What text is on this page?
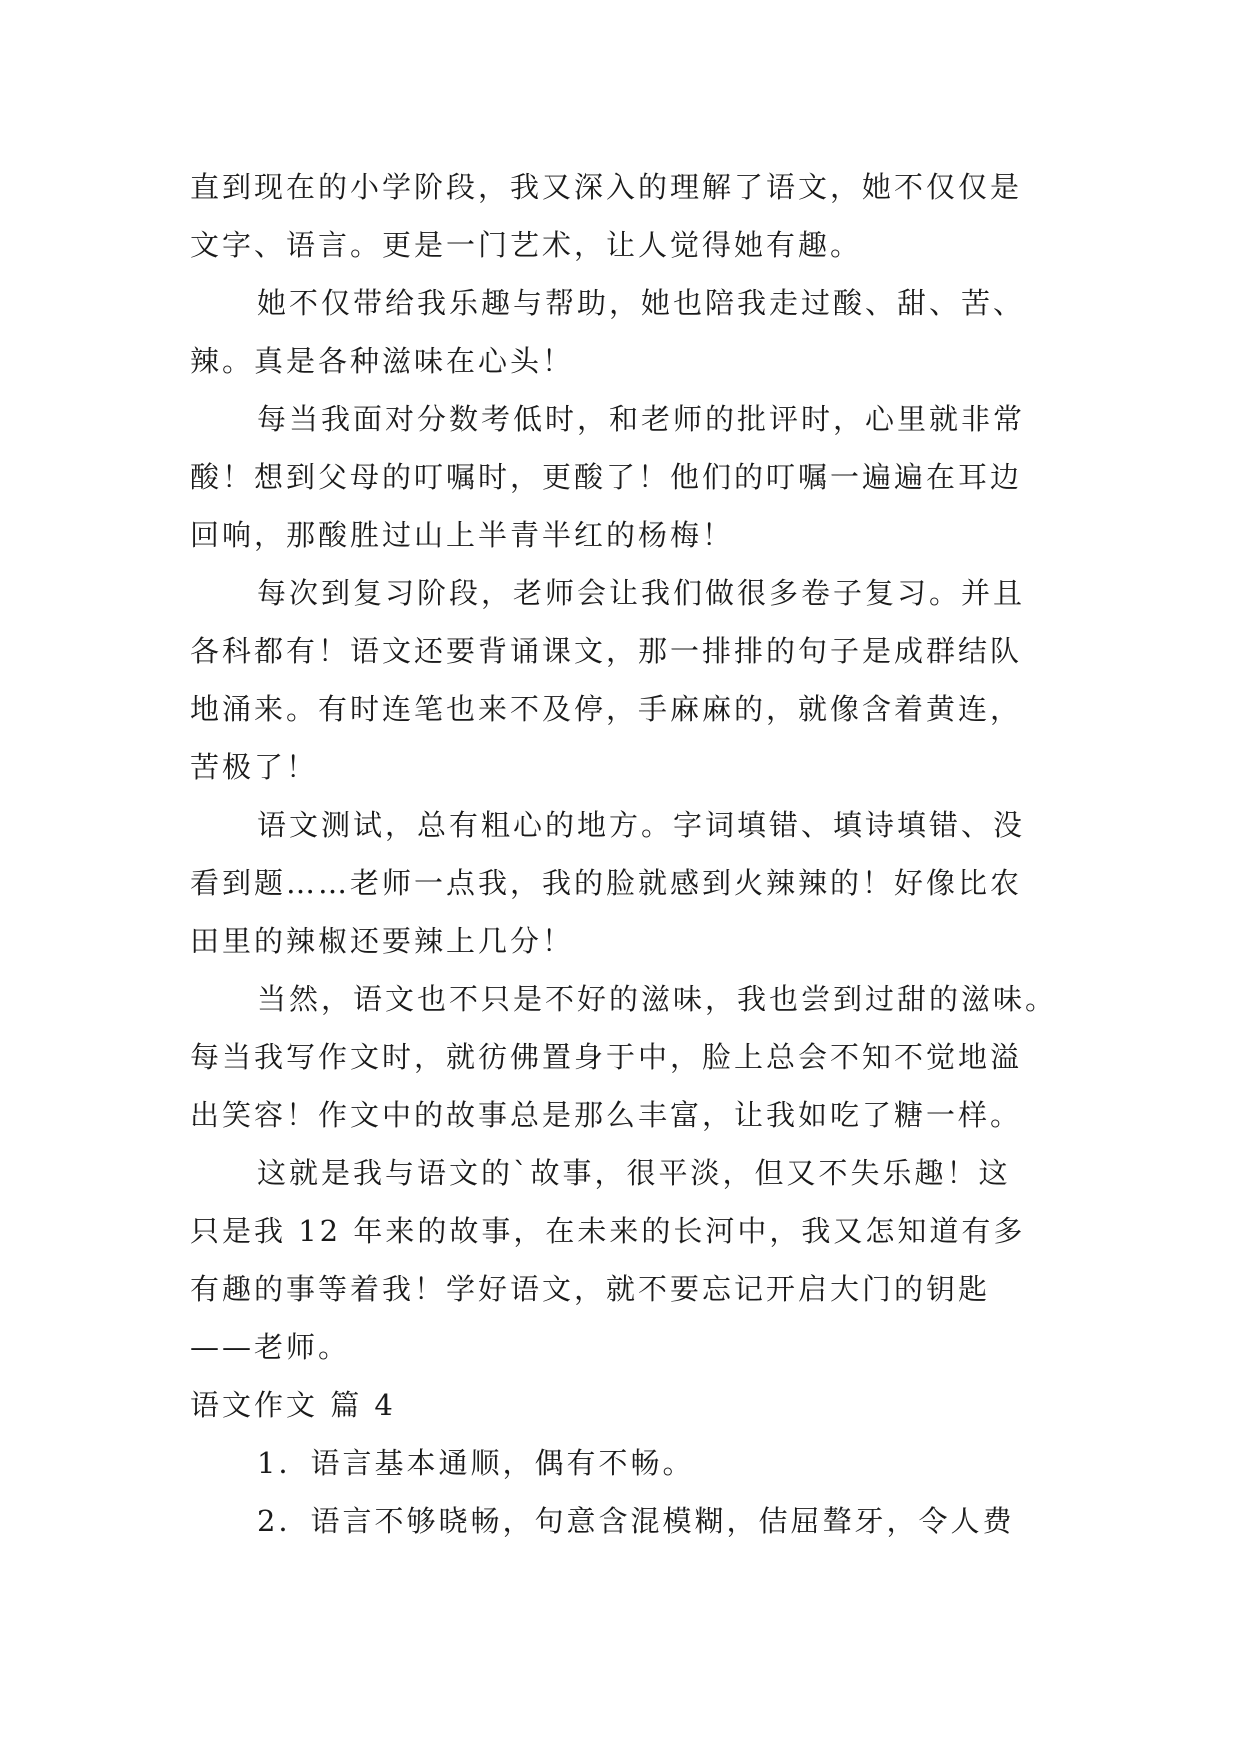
直到现在的小学阶段，我又深入的理解了语文，她不仅仅是
文字、语言。更是一门艺术，让人觉得她有趣。
她不仅带给我乐趣与帮助，她也陪我走过酸、甜、苦、
辣。真是各种滋味在心头！
每当我面对分数考低时，和老师的批评时，心里就非常
酸！想到父母的叮嘱时，更酸了！他们的叮嘱一遍遍在耳边
回响，那酸胜过山上半青半红的杨梅！
每次到复习阶段，老师会让我们做很多卷子复习。并且
各科都有！语文还要背诵课文，那一排排的句子是成群结队
地涌来。有时连笔也来不及停，手麻麻的，就像含着黄连，
苦极了！
语文测试，总有粗心的地方。字词填错、填诗填错、没
看到题……老师一点我，我的脸就感到火辣辣的！好像比农
田里的辣椒还要辣上几分！
当然，语文也不只是不好的滋味，我也尝到过甜的滋味。
每当我写作文时，就彷佛置身于中，脸上总会不知不觉地溢
出笑容！作文中的故事总是那么丰富，让我如吃了糖一样。
这就是我与语文的`故事，很平淡，但又不失乐趣！这
只是我 12 年来的故事，在未来的长河中，我又怎知道有多
有趣的事等着我！学好语文，就不要忘记开启大门的钥匙
——老师。
语文作文 篇 4
1．语言基本通顺，偶有不畅。
2．语言不够晓畅，句意含混模糊，佶屈聱牙，令人费
